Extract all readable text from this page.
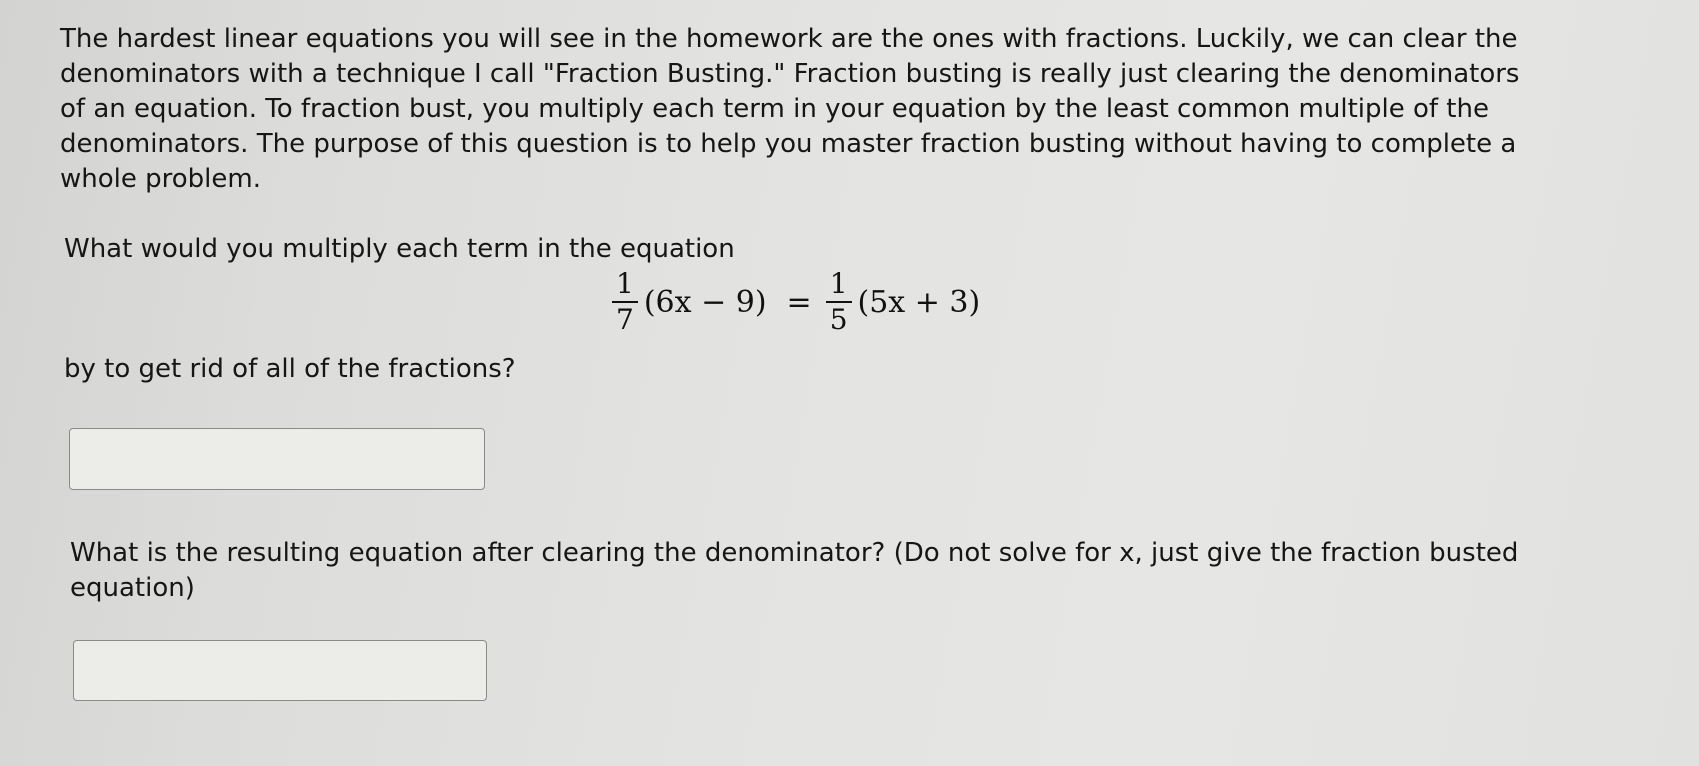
The hardest linear equations you will see in the homework are the ones with fractions. Luckily, we can clear the denominators with a technique I call "Fraction Busting." Fraction busting is really just clearing the denominators of an equation. To fraction bust, you multiply each term in your equation by the least common multiple of the denominators. The purpose of this question is to help you master fraction busting without having to complete a whole problem.

What would you multiply each term in the equation

$\frac{1}{7} (6x - 9) = \frac{1}{5} (5x + 3)$

by to get rid of all of the fractions?

What is the resulting equation after clearing the denominator? (Do not solve for x, just give the fraction busted equation)
